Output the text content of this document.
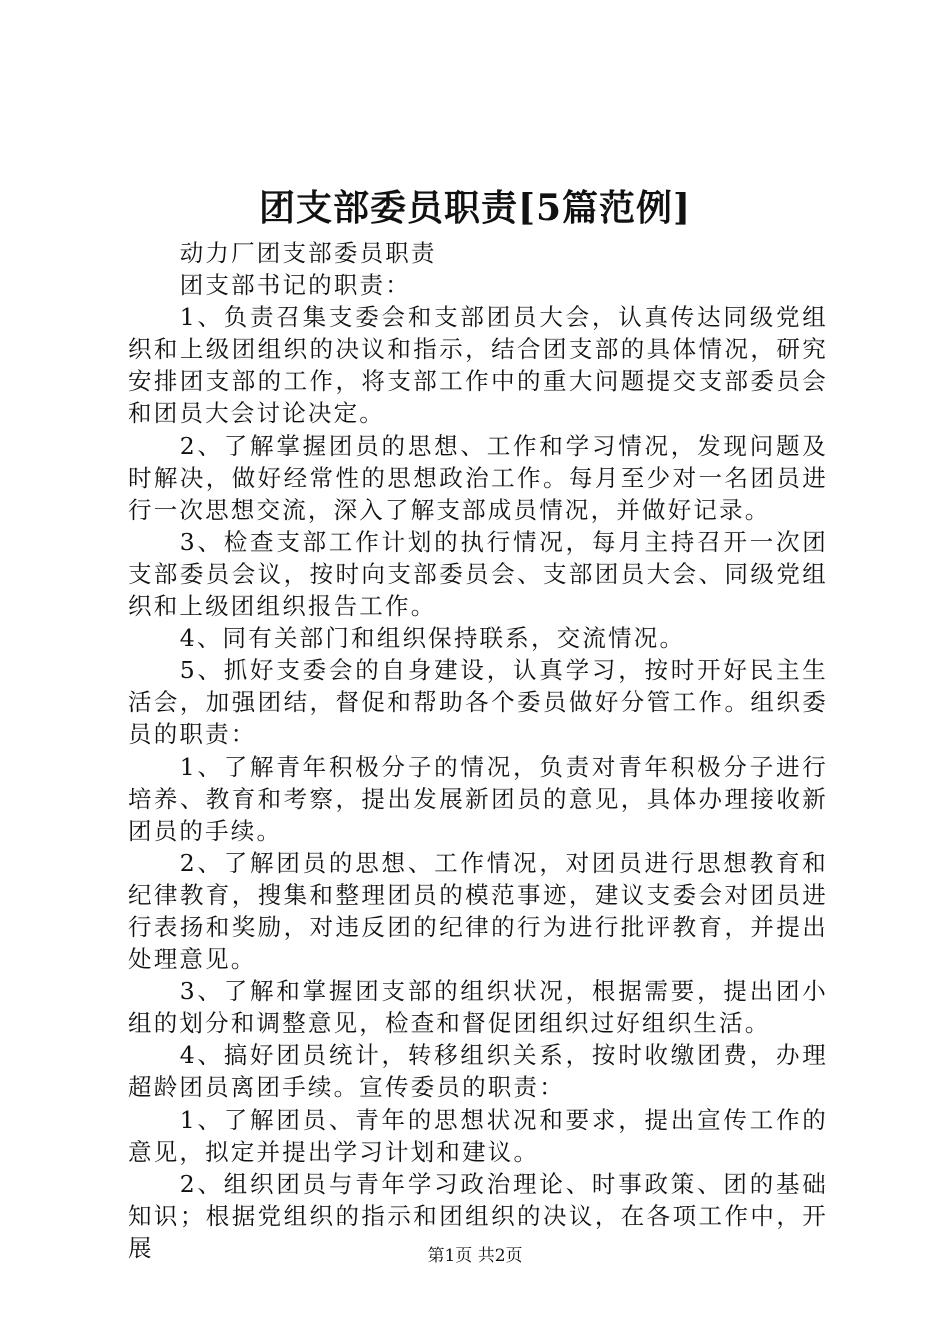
团支部委员职责[5篇范例]

动力厂团支部委员职责

团支部书记的职责：

1、负责召集支委会和支部团员大会，认真传达同级党组织和上级团组织的决议和指示，结合团支部的具体情况，研究安排团支部的工作，将支部工作中的重大问题提交支部委员会和团员大会讨论决定。

2、了解掌握团员的思想、工作和学习情况，发现问题及时解决，做好经常性的思想政治工作。每月至少对一名团员进行一次思想交流，深入了解支部成员情况，并做好记录。

3、检查支部工作计划的执行情况，每月主持召开一次团支部委员会议，按时向支部委员会、支部团员大会、同级党组织和上级团组织报告工作。

4、同有关部门和组织保持联系，交流情况。

5、抓好支委会的自身建设，认真学习，按时开好民主生活会，加强团结，督促和帮助各个委员做好分管工作。组织委员的职责：

1、了解青年积极分子的情况，负责对青年积极分子进行培养、教育和考察，提出发展新团员的意见，具体办理接收新团员的手续。

2、了解团员的思想、工作情况，对团员进行思想教育和纪律教育，搜集和整理团员的模范事迹，建议支委会对团员进行表扬和奖励，对违反团的纪律的行为进行批评教育，并提出处理意见。

3、了解和掌握团支部的组织状况，根据需要，提出团小组的划分和调整意见，检查和督促团组织过好组织生活。

4、搞好团员统计，转移组织关系，按时收缴团费，办理超龄团员离团手续。宣传委员的职责：

1、了解团员、青年的思想状况和要求，提出宣传工作的意见，拟定并提出学习计划和建议。

2、组织团员与青年学习政治理论、时事政策、团的基础知识；根据党组织的指示和团组织的决议，在各项工作中，开展	第1页 共2页
